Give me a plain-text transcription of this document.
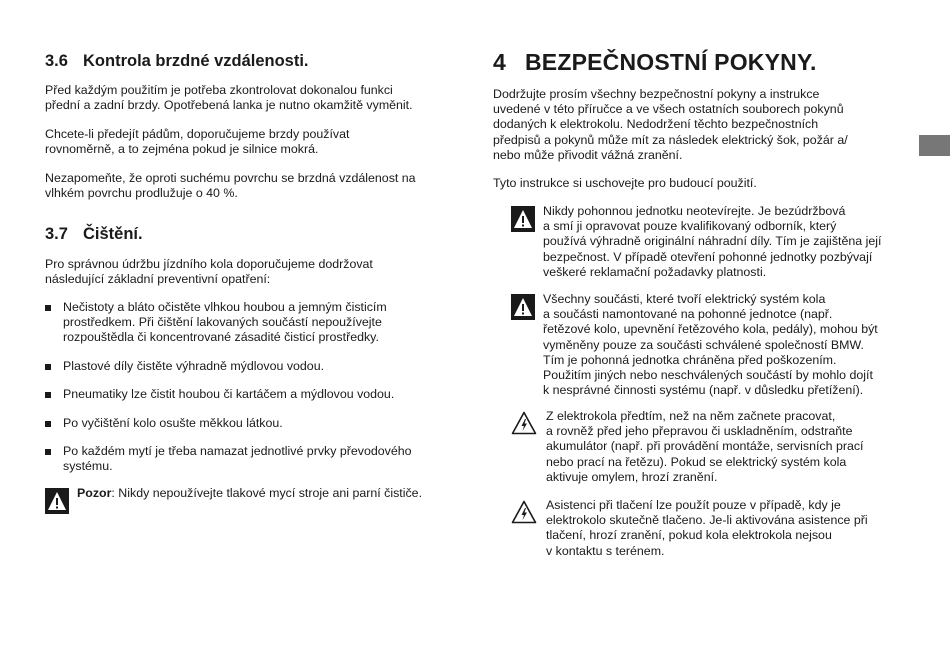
3.6 Kontrola brzdné vzdálenosti.

Před každým použitím je potřeba zkontrolovat dokonalou funkci
přední a zadní brzdy. Opotřebená lanka je nutno okamžitě vyměnit.

Chcete-li předejít pádům, doporučujeme brzdy používat
rovnoměrně, a to zejména pokud je silnice mokrá.

Nezapomeňte, že oproti suchému povrchu se brzdná vzdálenost na
vlhkém povrchu prodlužuje o 40 %.

3.7 Čištění.

Pro správnou údržbu jízdního kola doporučujeme dodržovat
následující základní preventivní opatření:

Nečistoty a bláto očistěte vlhkou houbou a jemným čisticím
prostředkem. Při čištění lakovaných součástí nepoužívejte
rozpouštědla či koncentrované zásadité čisticí prostředky.

Plastové díly čistěte výhradně mýdlovou vodou.

Pneumatiky lze čistit houbou či kartáčem a mýdlovou vodou.

Po vyčištění kolo osušte měkkou látkou.

Po každém mytí je třeba namazat jednotlivé prvky převodového
systému.

Pozor: Nikdy nepoužívejte tlakové mycí stroje ani parní čističe.

4 BEZPEČNOSTNÍ POKYNY.

Dodržujte prosím všechny bezpečnostní pokyny a instrukce
uvedené v této příručce a ve všech ostatních souborech pokynů
dodaných k elektrokolu. Nedodržení těchto bezpečnostních
předpisů a pokynů může mít za následek elektrický šok, požár a/
nebo může přivodit vážná zranění.

Tyto instrukce si uschovejte pro budoucí použití.

Nikdy pohonnou jednotku neotevírejte. Je bezúdržbová
a smí ji opravovat pouze kvalifikovaný odborník, který
používá výhradně originální náhradní díly. Tím je zajištěna její
bezpečnost. V případě otevření pohonné jednotky pozbývají
veškeré reklamační požadavky platnosti.

Všechny součásti, které tvoří elektrický systém kola
a součásti namontované na pohonné jednotce (např.
řetězové kolo, upevnění řetězového kola, pedály), mohou být
vyměněny pouze za součásti schválené společností BMW.
Tím je pohonná jednotka chráněna před poškozením.
Použitím jiných nebo neschválených součástí by mohlo dojít
k nesprávné činnosti systému (např. v důsledku přetížení).

Z elektrokola předtím, než na něm začnete pracovat,
a rovněž před jeho přepravou či uskladněním, odstraňte
akumulátor (např. při provádění montáže, servisních prací
nebo prací na řetězu). Pokud se elektrický systém kola
aktivuje omylem, hrozí zranění.

Asistenci při tlačení lze použít pouze v případě, kdy je
elektrokolo skutečně tlačeno. Je-li aktivována asistence při
tlačení, hrozí zranění, pokud kola elektrokola nejsou
v kontaktu s terénem.
